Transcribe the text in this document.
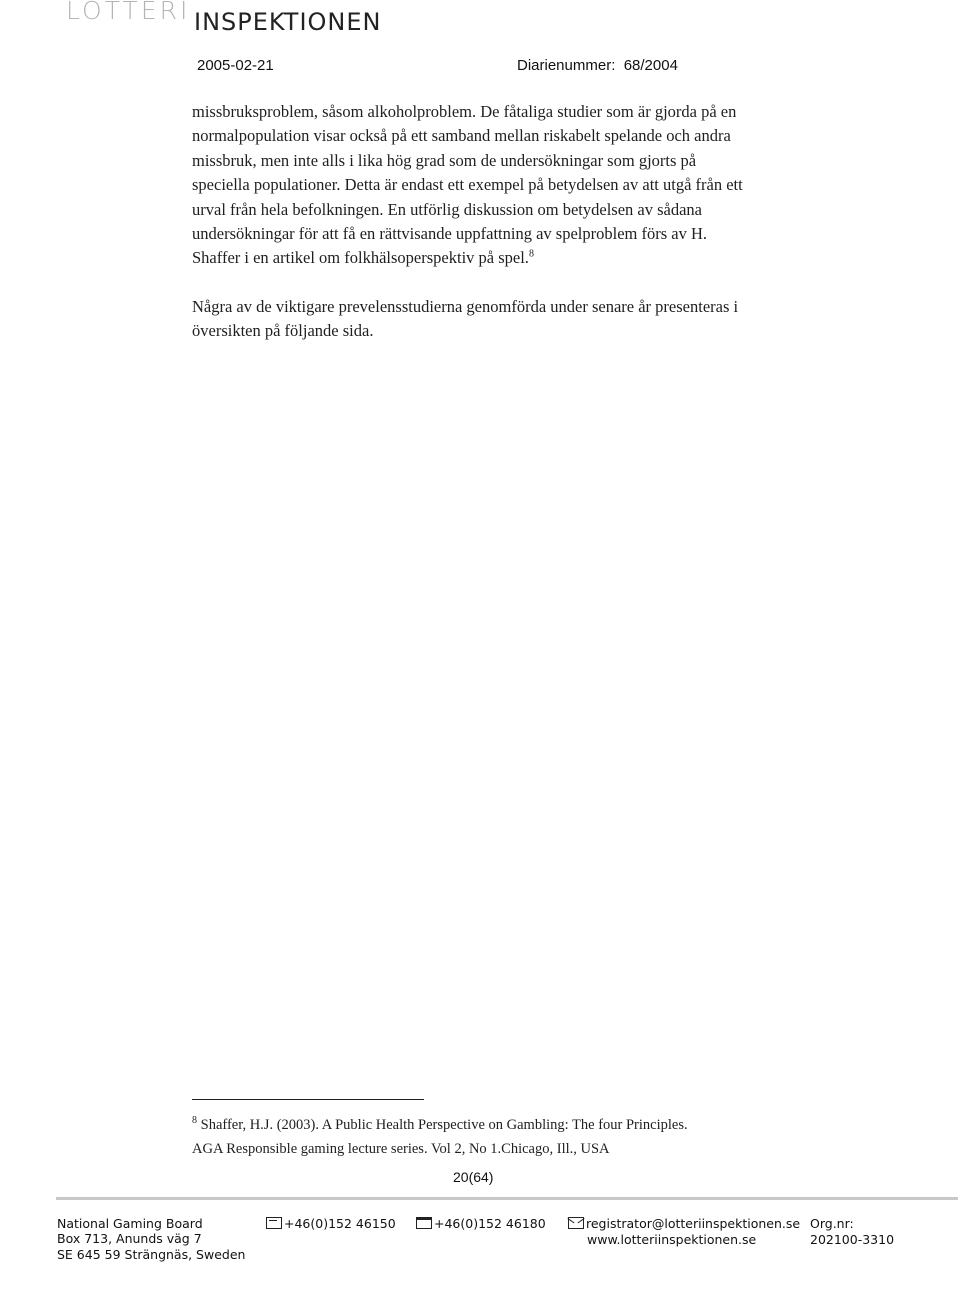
LOTTERI INSPEKTIONEN
2005-02-21	Diarienummer: 68/2004

missbruksproblem, såsom alkoholproblem. De fåtaliga studier som är gjorda på en normalpopulation visar också på ett samband mellan riskabelt spelande och andra missbruk, men inte alls i lika hög grad som de undersökningar som gjorts på speciella populationer. Detta är endast ett exempel på betydelsen av att utgå från ett urval från hela befolkningen. En utförlig diskussion om betydelsen av sådana undersökningar för att få en rättvisande uppfattning av spelproblem förs av H. Shaffer i en artikel om folkhälsoperspektiv på spel.$^8$

Några av de viktigare prevelensstudierna genomförda under senare år presenteras i översikten på följande sida.

$^8$ Shaffer, H.J. (2003). A Public Health Perspective on Gambling: The four Principles.
AGA Responsible gaming lecture series. Vol 2, No 1.Chicago, Ill., USA
20(64)
National Gaming Board
Box 713, Anunds väg 7
SE 645 59 Strängnäs, Sweden
+46(0)152 46150	+46(0)152 46180	registrator@lotteriinspektionen.se
www.lotteriinspektionen.se
Org.nr:
202100-3310
